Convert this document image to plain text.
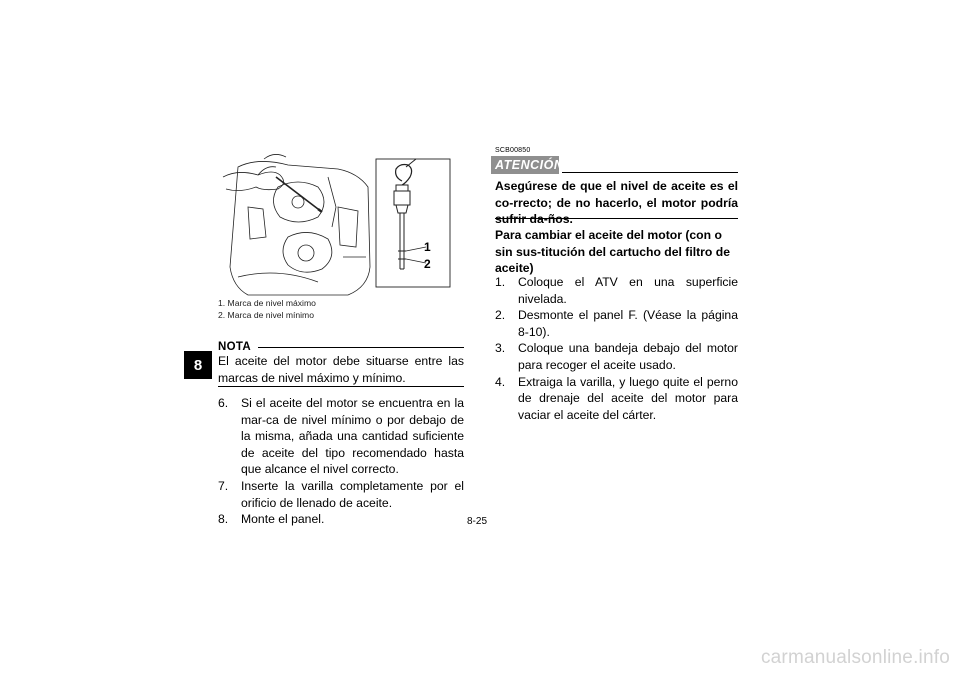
8
1
2
1. Marca de nivel máximo
2. Marca de nivel mínimo
NOTA
El aceite del motor debe situarse entre las marcas de nivel máximo y mínimo.
6. Si el aceite del motor se encuentra en la mar-ca de nivel mínimo o por debajo de la misma, añada una cantidad suficiente de aceite del tipo recomendado hasta que alcance el nivel correcto.
7. Inserte la varilla completamente por el orificio de llenado de aceite.
8. Monte el panel.
SCB00850
ATENCIÓN
Asegúrese de que el nivel de aceite es el co-rrecto; de no hacerlo, el motor podría sufrir da-ños.
Para cambiar el aceite del motor (con o sin sus-titución del cartucho del filtro de aceite)
1. Coloque el ATV en una superficie nivelada.
2. Desmonte el panel F. (Véase la página 8-10).
3. Coloque una bandeja debajo del motor para recoger el aceite usado.
4. Extraiga la varilla, y luego quite el perno de drenaje del aceite del motor para vaciar el aceite del cárter.
8-25
carmanualsonline.info
